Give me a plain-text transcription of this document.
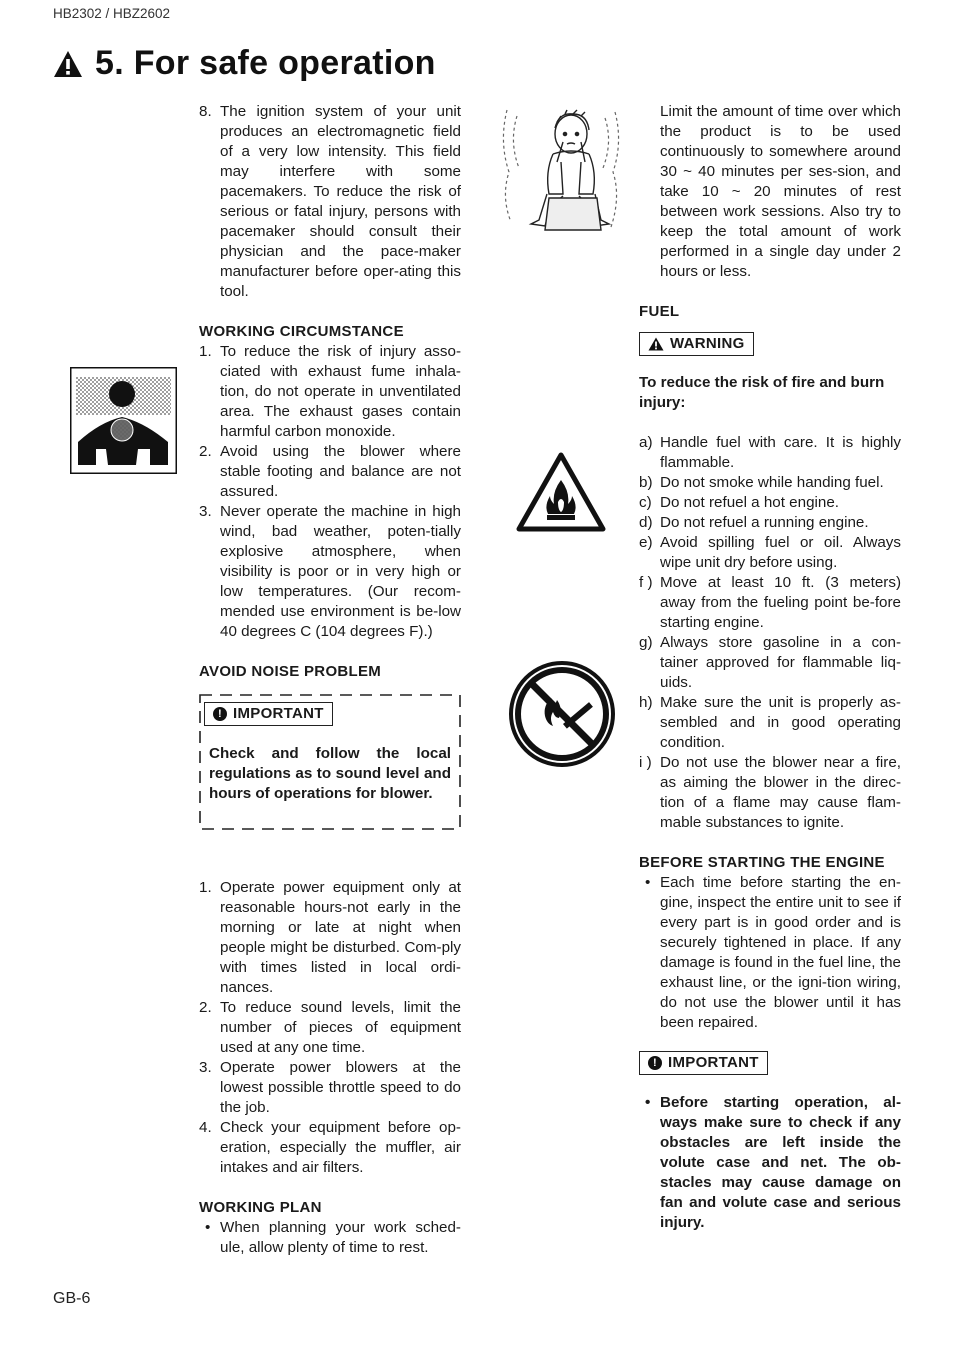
HB2302 / HBZ2602
5. For safe operation
GB-6
8. The ignition system of your unit produces an electromagnetic field of a very low intensity. This field may interfere with some pacemakers. To reduce the risk of serious or fatal injury, persons with pacemaker should consult their physician and the pace-maker manufacturer before oper-ating this tool.
WORKING CIRCUMSTANCE
1. To reduce the risk of injury asso-ciated with exhaust fume inhala-tion, do not operate in unventilated area. The exhaust gases contain harmful carbon monoxide.
2. Avoid using the blower where stable footing and balance are not assured.
3. Never operate the machine in high wind, bad weather, poten-tially explosive atmosphere, when visibility is poor or in very high or low temperatures. (Our recom-mended use environment is be-low 40 degrees C (104 degrees F).)
AVOID NOISE PROBLEM
! IMPORTANT
Check and follow the local regulations as to sound level and hours of operations for blower.
1. Operate power equipment only at reasonable hours-not early in the morning or late at night when people might be disturbed. Com-ply with times listed in local ordi-nances.
2. To reduce sound levels, limit the number of pieces of equipment used at any one time.
3. Operate power blowers at the lowest possible throttle speed to do the job.
4. Check your equipment before op-eration, especially the muffler, air intakes and air filters.
WORKING PLAN
• When planning your work sched-ule, allow plenty of time to rest.
Limit the amount of time over which the product is to be used continuously to somewhere around 30 ~ 40 minutes per ses-sion, and take 10 ~ 20 minutes of rest between work sessions. Also try to keep the total amount of work performed in a single day under 2 hours or less.
FUEL
WARNING
To reduce the risk of fire and burn injury:
a) Handle fuel with care. It is highly flammable.
b) Do not smoke while handing fuel.
c) Do not refuel a hot engine.
d) Do not refuel a running engine.
e) Avoid spilling fuel or oil. Always wipe unit dry before using.
f ) Move at least 10 ft. (3 meters) away from the fueling point be-fore starting engine.
g) Always store gasoline in a con-tainer approved for flammable liq-uids.
h) Make sure the unit is properly as-sembled and in good operating condition.
i ) Do not use the blower near a fire, as aiming the blower in the direc-tion of a flame may cause flam-mable substances to ignite.
BEFORE STARTING THE ENGINE
• Each time before starting the en-gine, inspect the entire unit to see if every part is in good order and is securely tightened in place. If any damage is found in the fuel line, the exhaust line, or the igni-tion wiring, do not use the blower until it has been repaired.
! IMPORTANT
• Before starting operation, al-ways make sure to check if any obstacles are left inside the volute case and net. The ob-stacles may cause damage on fan and volute case and serious injury.
